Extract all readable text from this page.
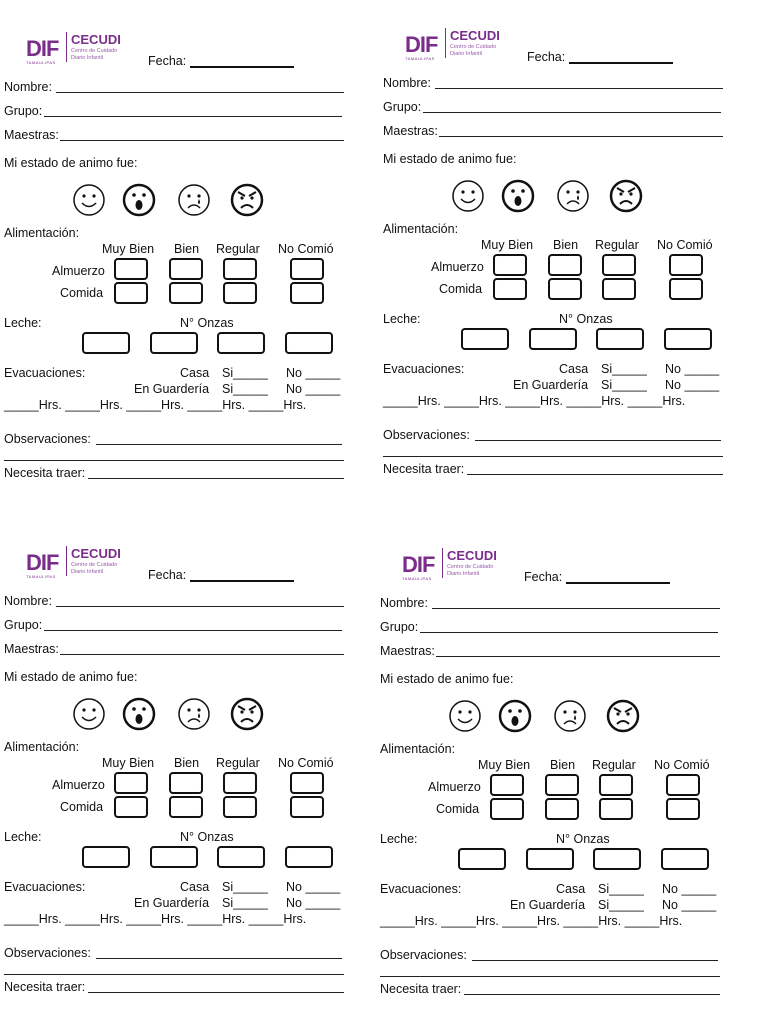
DIF
TAMAULIPAS
CECUDI
Centro de Cuidado
Diario Infantil	Fecha:
Nombre:
Grupo:
Maestras:
Mi estado de animo fue:
Alimentación:
Muy Bien Bien Regular No Comió
Almuerzo
Comida
Leche:	N° Onzas
Evacuaciones:	Casa Si_____ No _____
En Guardería Si_____ No _____
_____Hrs. _____Hrs. _____Hrs. _____Hrs. _____Hrs.
Observaciones:
Necesita traer:
DIF
TAMAULIPAS
CECUDI
Centro de Cuidado
Diario Infantil	Fecha:
Nombre:
Grupo:
Maestras:
Mi estado de animo fue:
Alimentación:
Muy Bien Bien Regular No Comió
Almuerzo
Comida
Leche:	N° Onzas
Evacuaciones:	Casa Si_____ No _____
En Guardería Si_____ No _____
_____Hrs. _____Hrs. _____Hrs. _____Hrs. _____Hrs.
Observaciones:
Necesita traer:
DIF
TAMAULIPAS
CECUDI
Centro de Cuidado
Diario Infantil	Fecha:
Nombre:
Grupo:
Maestras:
Mi estado de animo fue:
Alimentación:
Muy Bien Bien Regular No Comió
Almuerzo
Comida
Leche:	N° Onzas
Evacuaciones:	Casa Si_____ No _____
En Guardería Si_____ No _____
_____Hrs. _____Hrs. _____Hrs. _____Hrs. _____Hrs.
Observaciones:
Necesita traer:
DIF
TAMAULIPAS
CECUDI
Centro de Cuidado
Diario Infantil	Fecha:
Nombre:
Grupo:
Maestras:
Mi estado de animo fue:
Alimentación:
Muy Bien Bien Regular No Comió
Almuerzo
Comida
Leche:	N° Onzas
Evacuaciones:	Casa Si_____ No _____
En Guardería Si_____ No _____
_____Hrs. _____Hrs. _____Hrs. _____Hrs. _____Hrs.
Observaciones:
Necesita traer:
